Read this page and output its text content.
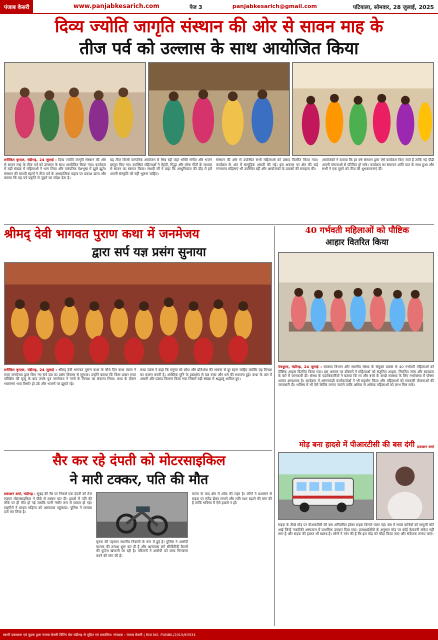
पंजाब केसरी	www.panjabkesarich.com	पेज 3	panjabkesarich@gmail.com	पटियाला, सोमवार, 28 जुलाई, 2025
दिव्य ज्योति जागृति संस्थान की ओर से सावन माह के
तीज पर्व को उल्लास के साथ आयोजित किया
शरीकित कृपाल, चंडीगढ़, 24 जुलाई : दिव्य ज्योति जागृति संस्थान की ओर से सावन माह के तीज पर्व को उल्लास के साथ आयोजित किया गया। कार्यक्रम में बड़ी संख्या में महिलाओं ने भाग लिया और पारंपरिक वेशभूषा में झूले झूले। संस्थान की साध्वी बहनों ने तीज पर्व के आध्यात्मिक महत्व पर प्रकाश डाला और बताया कि यह पर्व प्रकृति से जुड़ने का संदेश देता है।
यह तीज किसी पारंपरिक आयोजन से भिन्न रही जहां भक्ति संगीत और भजन प्रस्तुत किए गए। उपस्थित महिलाओं ने मेहंदी, गिद्धा और लोक गीतों के माध्यम से सावन का स्वागत किया। साध्वी जी ने कहा कि आधुनिकता की दौड़ में हमें अपनी संस्कृति को नहीं भूलना चाहिए।
संस्थान की ओर से उपस्थित सभी महिलाओं को प्रसाद वितरित किया गया। कार्यक्रम के अंत में सामूहिक आरती की गई। इस अवसर पर क्षेत्र की कई गणमान्य महिलाएं भी उपस्थित रहीं और आयोजकों के प्रयासों की सराहना की।
आयोजकों ने बताया कि हर वर्ष संस्थान द्वारा ऐसे कार्यक्रम किए जाते हैं ताकि नई पीढ़ी अपनी परंपराओं से परिचित हो सके। कार्यक्रम का समापन शांति पाठ के साथ हुआ और सभी ने एक दूसरे को तीज की शुभकामनाएं दीं।
श्रीमद् देवी भागवत पुराण कथा में जनमेजय
द्वारा सर्प यज्ञ प्रसंग सुनाया
शरीकित कृपाल, चंडीगढ़, 24 जुलाई : श्रीमद् देवी भागवत पुराण कथा के चौथे दिन कथा व्यास ने राजा जनमेजय द्वारा किए गए सर्प यज्ञ का प्रसंग विस्तार से सुनाया। उन्होंने बताया कि किस प्रकार राजा परीक्षित की मृत्यु के बाद उनके पुत्र जनमेजय ने नागों के विनाश का संकल्प लिया। कथा के दौरान भक्तगण भाव विभोर हो उठे और भजनों पर झूमते रहे।
कथा व्यास ने कहा कि मनुष्य को क्रोध और प्रतिशोध की भावना से दूर रहना चाहिए क्योंकि यह विनाश का कारण बनती है। आस्तिक मुनि के हस्तक्षेप से यज्ञ रुका और धर्म की स्थापना हुई। कथा के अंत में आरती और प्रसाद वितरण किया गया जिसमें बड़ी संख्या में श्रद्धालु शामिल हुए।
40 गर्भवती महिलाओं को पौष्टिक
आहार वितरित किया
पंचकूला, चंडीगढ़, 24 जुलाई : स्वास्थ्य विभाग और स्थानीय संस्था के संयुक्त प्रयास से 40 गर्भवती महिलाओं को पौष्टिक आहार वितरित किया गया। इस अवसर पर डॉक्टरों ने महिलाओं को संतुलित आहार, नियमित जांच और स्वच्छता के बारे में जानकारी दी। संस्था के पदाधिकारियों ने बताया कि मां और बच्चे के अच्छे स्वास्थ्य के लिए गर्भावस्था में पोषण अत्यंत आवश्यक है। कार्यक्रम में आंगनवाड़ी कार्यकर्ताओं ने भी सहयोग किया और महिलाओं को सरकारी योजनाओं की जानकारी दी। भविष्य में भी ऐसे शिविर लगाए जाएंगे ताकि अधिक से अधिक महिलाओं को लाभ मिल सके।
सैर कर रहे दंपती को मोटरसाइकिल
ने मारी टक्कर, पति की मौत
प्रकाशन शर्मा, चंडीगढ़ : सुबह की सैर पर निकले एक दंपती को तेज रफ्तार मोटरसाइकिल ने पीछे से टक्कर मार दी। हादसे में पति की मौके पर ही मौत हो गई जबकि पत्नी गंभीर रूप से घायल हो गई। राहगीरों ने घायल महिला को अस्पताल पहुंचाया। पुलिस ने मामला दर्ज कर लिया है।
मृतक की पहचान स्थानीय निवासी के रूप में हुई है। पुलिस ने आरोपी चालक की तलाश शुरू कर दी है और आसपास लगे सीसीटीवी कैमरों की फुटेज खंगाली जा रही है। परिजनों ने आरोपी को जल्द गिरफ्तार करने की मांग की है।
घटना के बाद क्षेत्र में शोक की लहर है। लोगों ने प्रशासन से सड़क पर स्पीड ब्रेकर लगाने और रात्रि गश्त बढ़ाने की मांग की है ताकि भविष्य में ऐसे हादसे न हों।
मोड़ बना हादसे में पीआरटीसी की बस दंगी प्रकाशन शर्मा
सड़क के तीखे मोड़ पर पीआरटीसी की बस अनियंत्रित होकर सड़क किनारे पलट गई। बस में सवार यात्रियों को मामूली चोटें आईं जिन्हें नजदीकी अस्पताल में प्राथमिक उपचार दिया गया। प्रत्यक्षदर्शियों के अनुसार मोड़ पर कोई चेतावनी संकेत नहीं लगा है और सड़क की हालत भी खराब है। लोगों ने मांग की है कि इस मोड़ को चौड़ा किया जाए और संकेतक लगाए जाएं।
स्वामी प्रकाशक एवं मुद्रक द्वारा पंजाब केसरी प्रिंटिंग प्रेस चंडीगढ़ से मुद्रित एवं प्रकाशित। संपादक : पंजाब केसरी | RNI NO. PUNBIL/2015/63534
